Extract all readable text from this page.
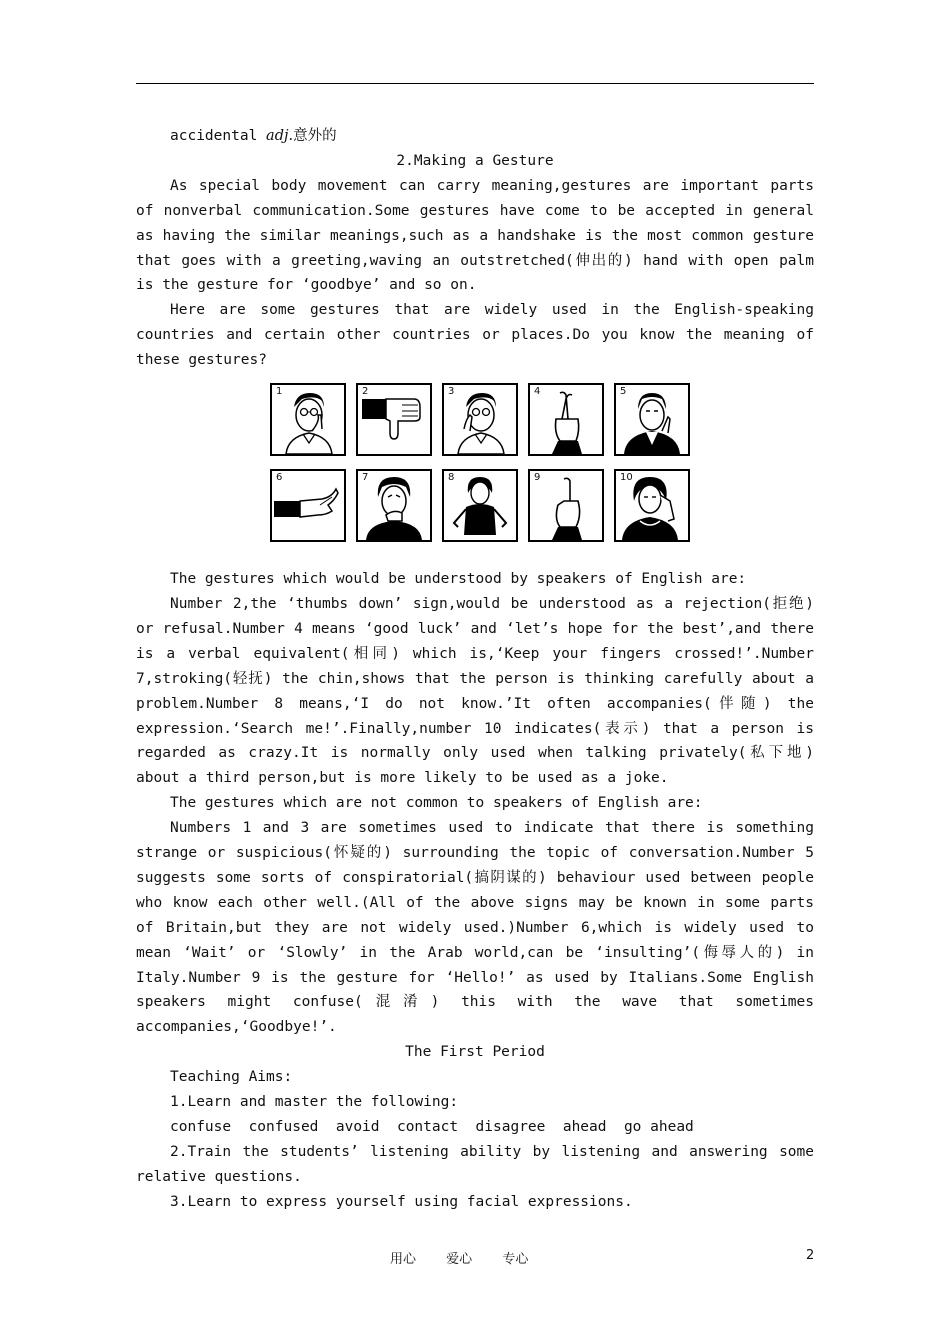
accidental adj.意外的

2.Making a Gesture

As special body movement can carry meaning,gestures are important parts of nonverbal communication.Some gestures have come to be accepted in general as having the similar meanings,such as a handshake is the most common gesture that goes with a greeting,waving an outstretched(伸出的) hand with open palm is the gesture for ‘goodbye’ and so on.

Here are some gestures that are widely used in the English-speaking countries and certain other countries or places.Do you know the meaning of these gestures?

1	2	3	4	5
6	7	8	9	10

The gestures which would be understood by speakers of English are:

Number 2,the ‘thumbs down’ sign,would be understood as a rejection(拒绝) or refusal.Number 4 means ‘good luck’ and ‘let’s hope for the best’,and there is a verbal equivalent(相同) which is,‘Keep your fingers crossed!’.Number 7,stroking(轻抚) the chin,shows that the person is thinking carefully about a problem.Number 8 means,‘I do not know.’It often accompanies(伴随) the expression.‘Search me!’.Finally,number 10 indicates(表示) that a person is regarded as crazy.It is normally only used when talking privately(私下地) about a third person,but is more likely to be used as a joke.

The gestures which are not common to speakers of English are:

Numbers 1 and 3 are sometimes used to indicate that there is something strange or suspicious(怀疑的) surrounding the topic of conversation.Number 5 suggests some sorts of conspiratorial(搞阴谋的) behaviour used between people who know each other well.(All of the above signs may be known in some parts of Britain,but they are not widely used.)Number 6,which is widely used to mean ‘Wait’ or ‘Slowly’ in the Arab world,can be ‘insulting’(侮辱人的) in Italy.Number 9 is the gesture for ‘Hello!’ as used by Italians.Some English speakers might confuse(混淆) this with the wave that sometimes accompanies,‘Goodbye!’.

The First Period

Teaching Aims:

1.Learn and master the following:

confuse  confused  avoid  contact  disagree  ahead  go ahead

2.Train the students’ listening ability by listening and answering some relative questions.

3.Learn to express yourself using facial expressions.

用心 爱心 专心	2
